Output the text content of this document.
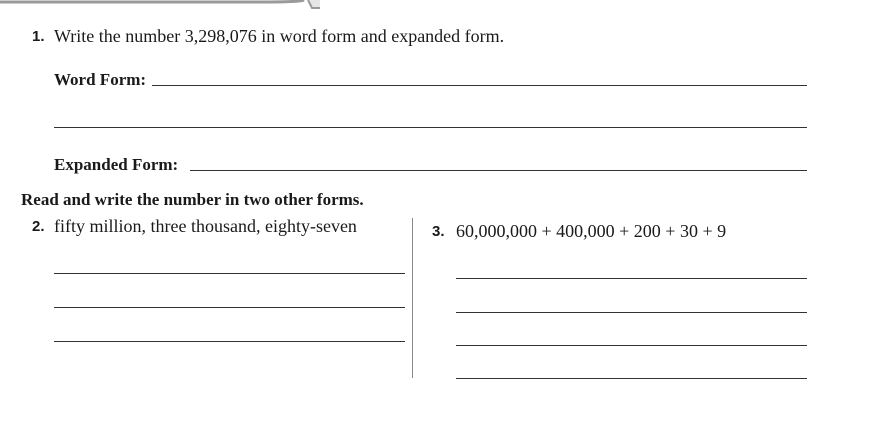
1. Write the number 3,298,076 in word form and expanded form.
Word Form:
Expanded Form:
Read and write the number in two other forms.
2. fifty million, three thousand, eighty-seven	3. 60,000,000 + 400,000 + 200 + 30 + 9
